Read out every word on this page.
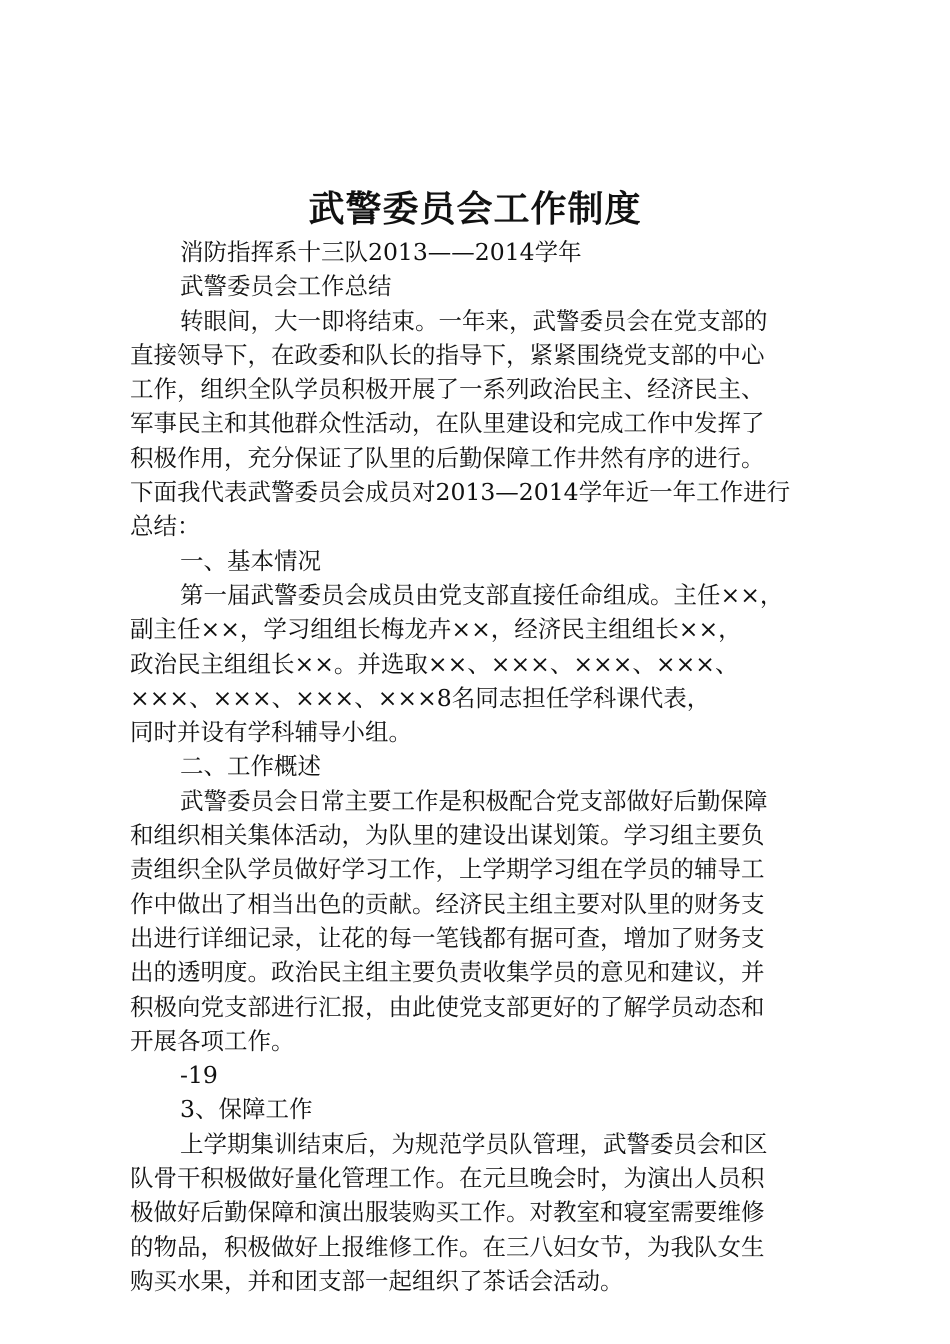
武警委员会工作制度
消防指挥系十三队2013——2014学年
武警委员会工作总结
转眼间，大一即将结束。一年来，武警委员会在党支部的
直接领导下，在政委和队长的指导下，紧紧围绕党支部的中心
工作，组织全队学员积极开展了一系列政治民主、经济民主、
军事民主和其他群众性活动，在队里建设和完成工作中发挥了
积极作用，充分保证了队里的后勤保障工作井然有序的进行。
下面我代表武警委员会成员对2013—2014学年近一年工作进行
总结：
一、基本情况
第一届武警委员会成员由党支部直接任命组成。主任××，
副主任××，学习组组长梅龙卉××，经济民主组组长××，
政治民主组组长××。并选取××、×××、×××、×××、
×××、×××、×××、×××8名同志担任学科课代表，
同时并设有学科辅导小组。
二、工作概述
武警委员会日常主要工作是积极配合党支部做好后勤保障
和组织相关集体活动，为队里的建设出谋划策。学习组主要负
责组织全队学员做好学习工作，上学期学习组在学员的辅导工
作中做出了相当出色的贡献。经济民主组主要对队里的财务支
出进行详细记录，让花的每一笔钱都有据可查，增加了财务支
出的透明度。政治民主组主要负责收集学员的意见和建议，并
积极向党支部进行汇报，由此使党支部更好的了解学员动态和
开展各项工作。
-19
3、保障工作
上学期集训结束后，为规范学员队管理，武警委员会和区
队骨干积极做好量化管理工作。在元旦晚会时，为演出人员积
极做好后勤保障和演出服装购买工作。对教室和寝室需要维修
的物品，积极做好上报维修工作。在三八妇女节，为我队女生
购买水果，并和团支部一起组织了茶话会活动。
